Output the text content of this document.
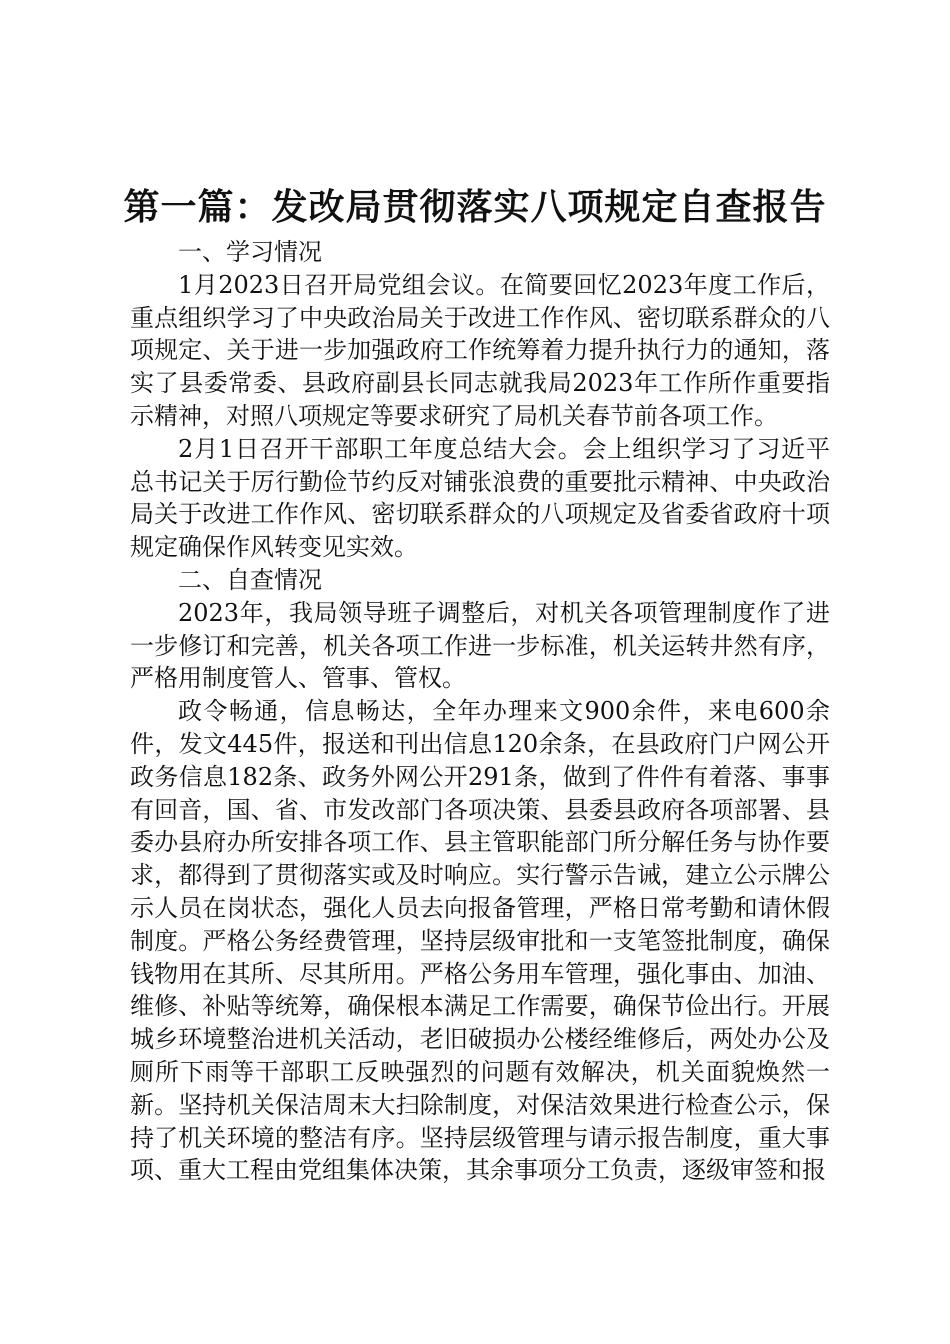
第一篇：发改局贯彻落实八项规定自查报告

一、学习情况

1月2023日召开局党组会议。在简要回忆2023年度工作后，重点组织学习了中央政治局关于改进工作作风、密切联系群众的八项规定、关于进一步加强政府工作统筹着力提升执行力的通知，落实了县委常委、县政府副县长同志就我局2023年工作所作重要指示精神，对照八项规定等要求研究了局机关春节前各项工作。

2月1日召开干部职工年度总结大会。会上组织学习了习近平总书记关于厉行勤俭节约反对铺张浪费的重要批示精神、中央政治局关于改进工作作风、密切联系群众的八项规定及省委省政府十项规定确保作风转变见实效。

二、自查情况

2023年，我局领导班子调整后，对机关各项管理制度作了进一步修订和完善，机关各项工作进一步标准，机关运转井然有序，严格用制度管人、管事、管权。

政令畅通，信息畅达，全年办理来文900余件，来电600余件，发文445件，报送和刊出信息120余条，在县政府门户网公开政务信息182条、政务外网公开291条，做到了件件有着落、事事有回音，国、省、市发改部门各项决策、县委县政府各项部署、县委办县府办所安排各项工作、县主管职能部门所分解任务与协作要求，都得到了贯彻落实或及时响应。实行警示告诫，建立公示牌公示人员在岗状态，强化人员去向报备管理，严格日常考勤和请休假制度。严格公务经费管理，坚持层级审批和一支笔签批制度，确保钱物用在其所、尽其所用。严格公务用车管理，强化事由、加油、维修、补贴等统筹，确保根本满足工作需要，确保节俭出行。开展城乡环境整治进机关活动，老旧破损办公楼经维修后，两处办公及厕所下雨等干部职工反映强烈的问题有效解决，机关面貌焕然一新。坚持机关保洁周末大扫除制度，对保洁效果进行检查公示，保持了机关环境的整洁有序。坚持层级管理与请示报告制度，重大事项、重大工程由党组集体决策，其余事项分工负责，逐级审签和报
